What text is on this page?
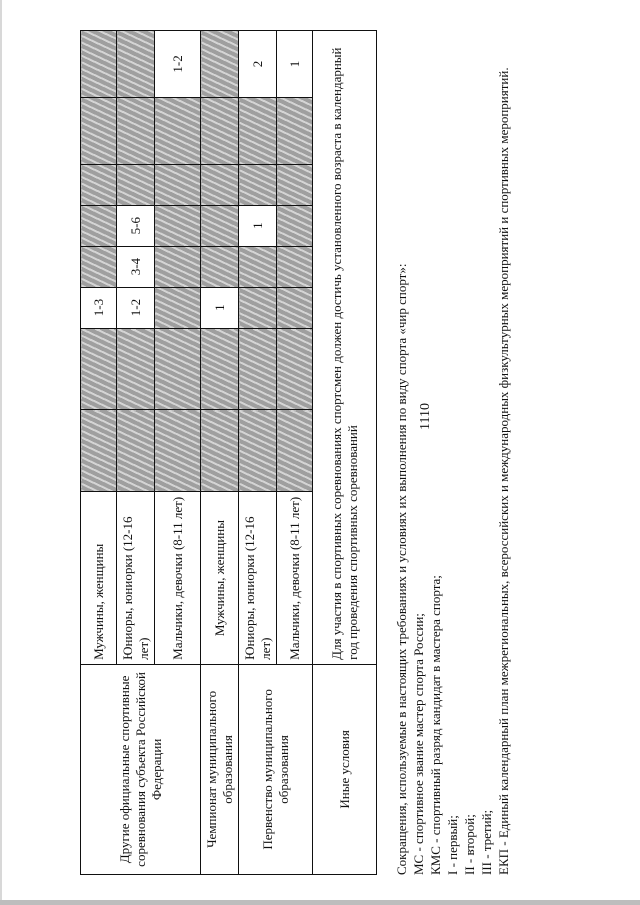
1110
Другие официальные спортивные соревнования субъекта Российской Федерации	Мужчины, женщины			1-3					
	Юниоры, юниорки (12-16 лет)			1-2	3-4	5-6			
	Мальчики, девочки (8-11 лет)								1-2
Чемпионат муниципального образования	Мужчины, женщины			1					
Первенство муниципального образования	Юниоры, юниорки (12-16 лет)					1			2
	Мальчики, девочки (8-11 лет)								1
Иные условия	Для участия в спортивных соревнованиях спортсмен должен достичь установленного возраста в календарный год проведения спортивных соревнований									Сокращения, используемые в настоящих требованиях и условиях их выполнения по виду спорта «чир спорт»: МС - спортивное звание мастер спорта России; КМС - спортивный разряд кандидат в мастера спорта; I - первый; II - второй; III - третий; ЕКП - Единый календарный план межрегиональных, всероссийских и международных физкультурных мероприятий и спортивных мероприятий.
